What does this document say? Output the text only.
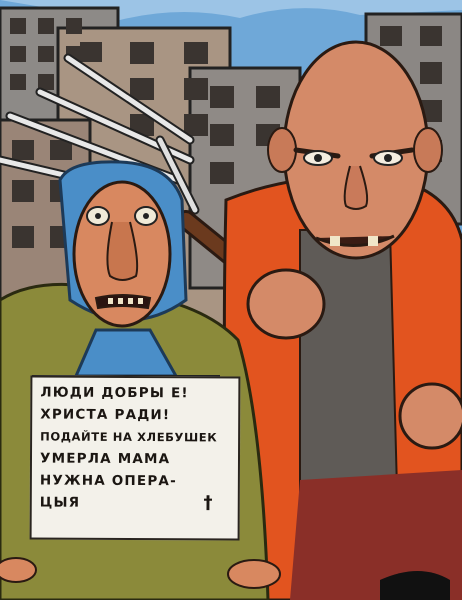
ЛЮДИ ДОБРЫ Е!
ХРИСТА РАДИ!
ПОДАЙТЕ НА ХЛЕБУШЕК
УМЕРЛА МАМА
НУЖНА ОПЕРА-
ЦЫЯ	†
